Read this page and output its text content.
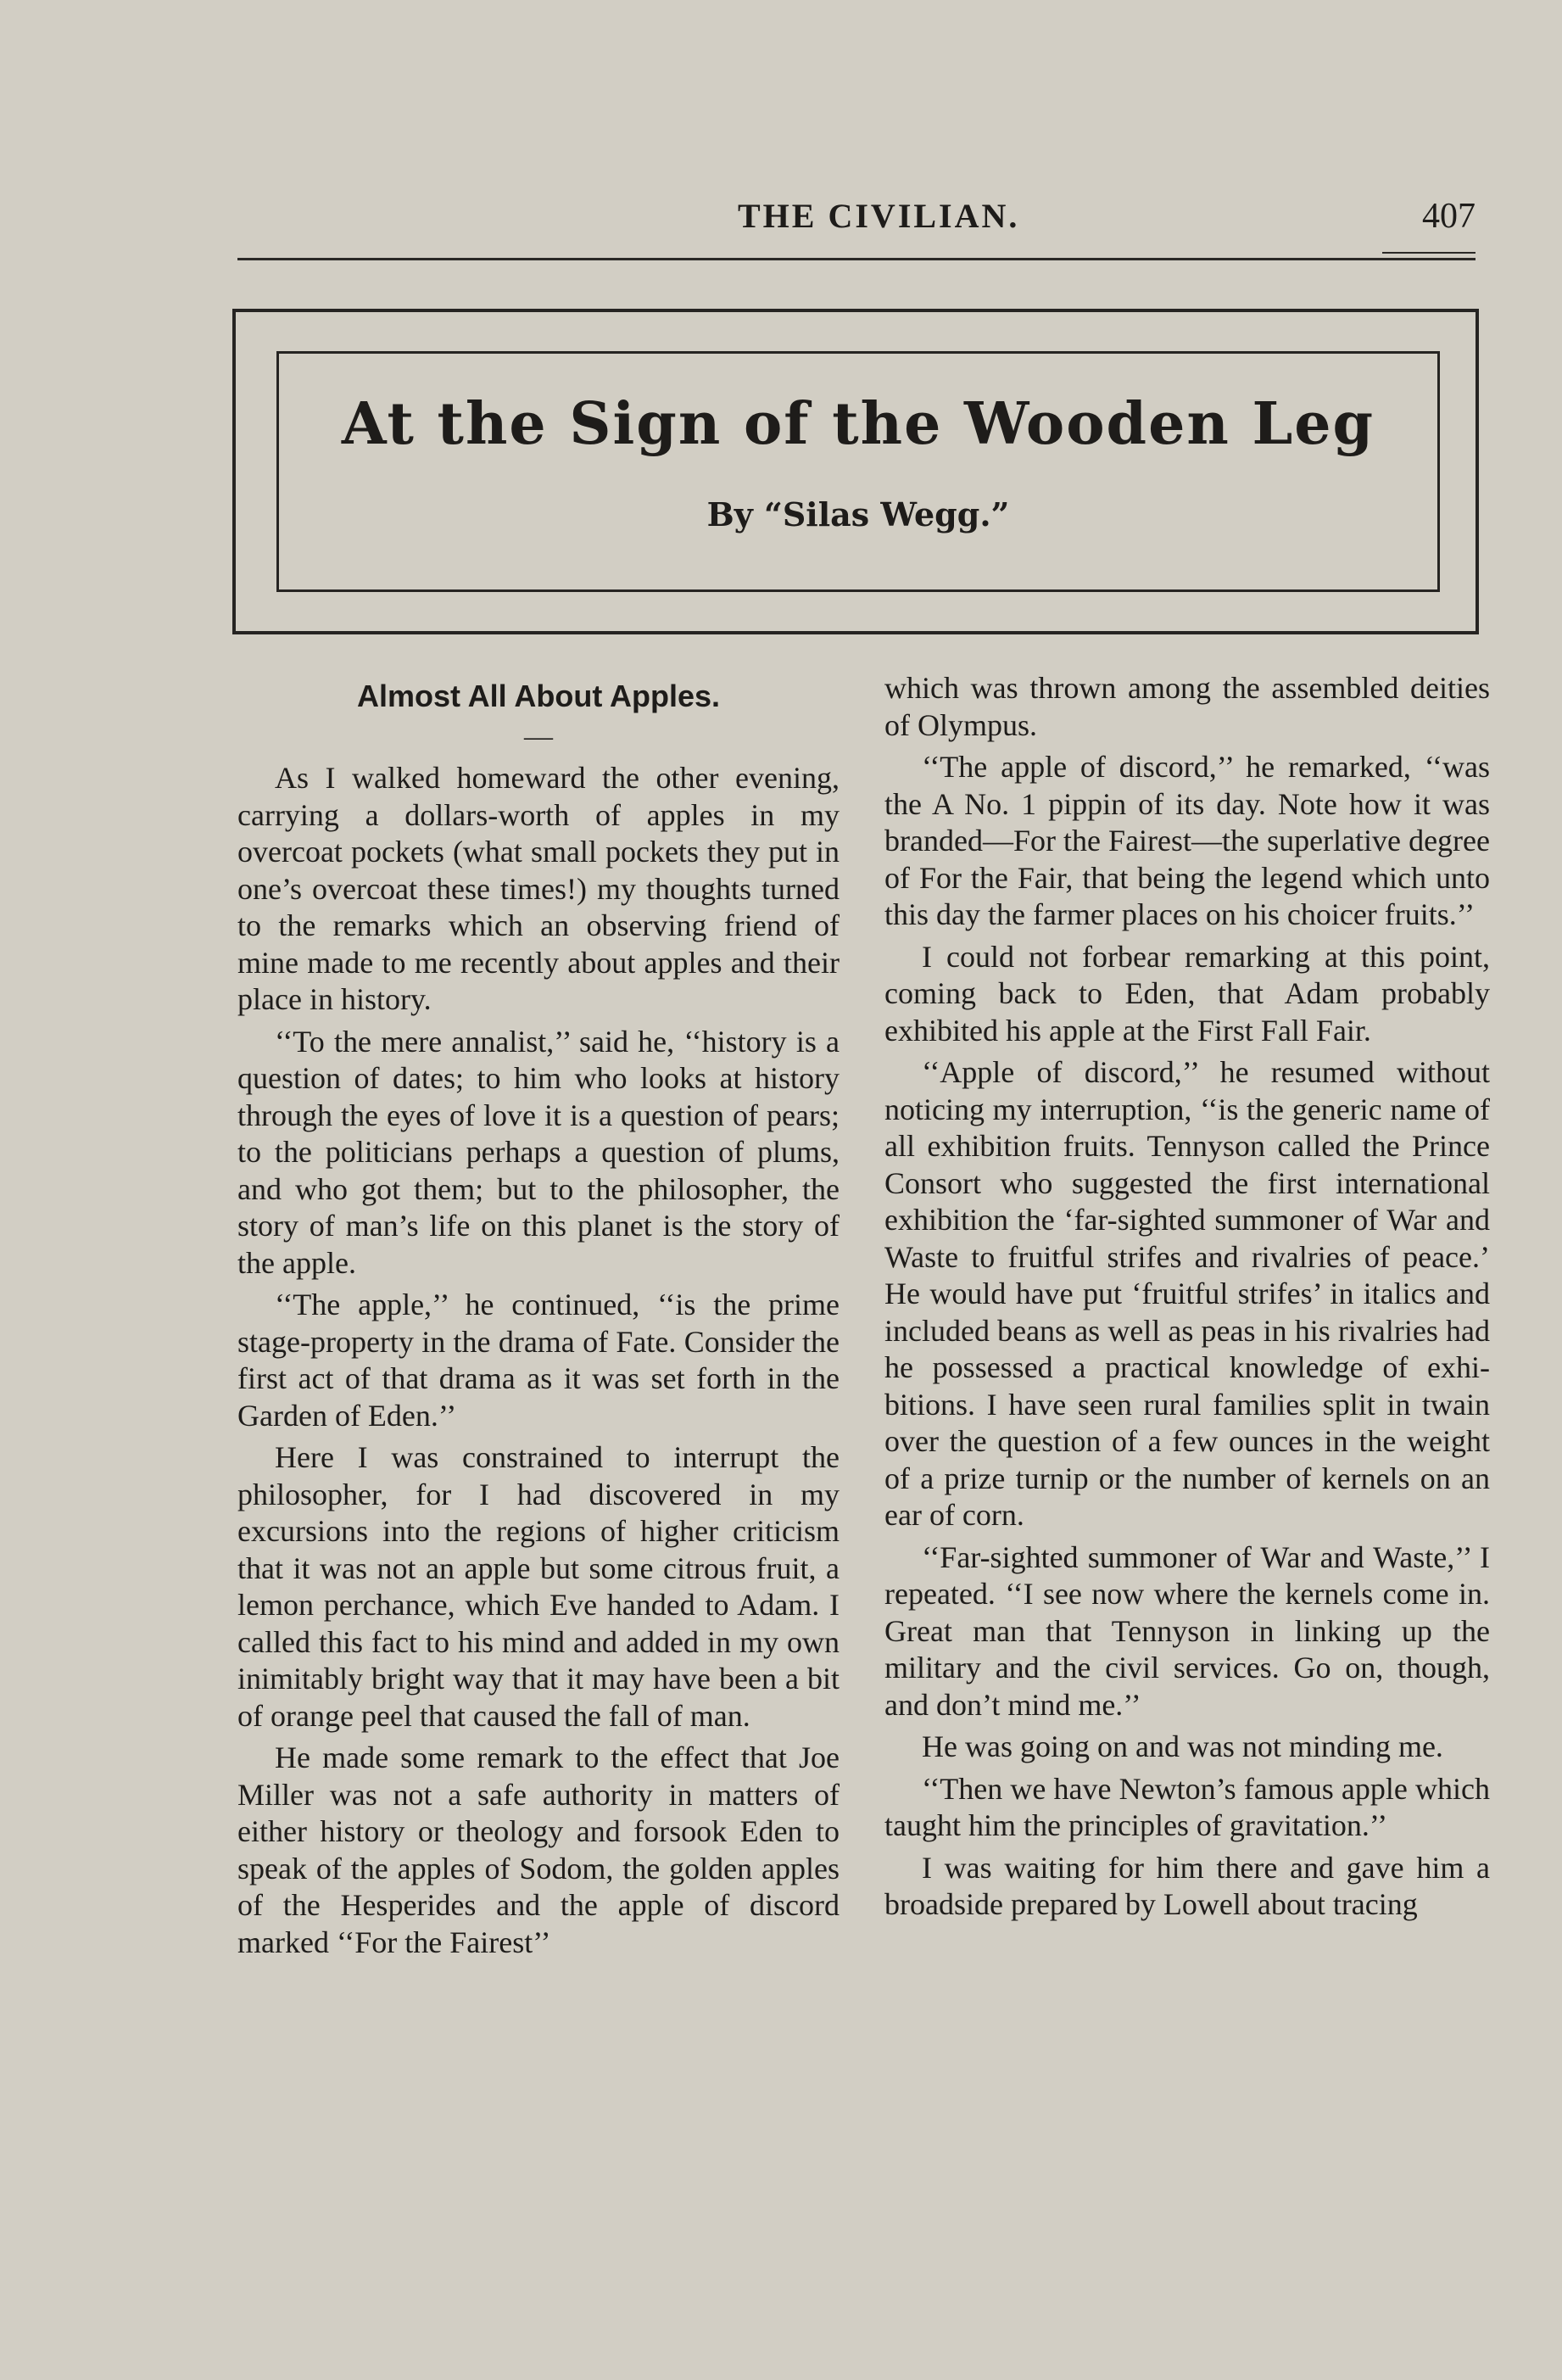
THE CIVILIAN.	407
At the Sign of the Wooden Leg
By “Silas Wegg.”
Almost All About Apples.
—

As I walked homeward the other evening, carrying a dollars-worth of apples in my overcoat pockets (what small pockets they put in one’s overcoat these times!) my thoughts turned to the remarks which an observing friend of mine made to me recently about apples and their place in history.

‘‘To the mere annalist,’’ said he, ‘‘history is a question of dates; to him who looks at history through the eyes of love it is a question of pears; to the politicians perhaps a question of plums, and who got them; but to the philosopher, the story of man’s life on this planet is the story of the apple.

‘‘The apple,’’ he continued, ‘‘is the prime stage-property in the drama of Fate. Consider the first act of that drama as it was set forth in the Garden of Eden.’’

Here I was constrained to interrupt the philosopher, for I had discovered in my excursions into the regions of higher criticism that it was not an apple but some citrous fruit, a lemon perchance, which Eve handed to Adam. I called this fact to his mind and added in my own inimitably bright way that it may have been a bit of orange peel that caused the fall of man.

He made some remark to the effect that Joe Miller was not a safe authority in matters of either history or theology and forsook Eden to speak of the apples of Sodom, the golden apples of the Hesperides and the apple of discord marked ‘‘For the Fairest’’

which was thrown among the assembled deities of Olympus.

‘‘The apple of discord,’’ he remarked, ‘‘was the A No. 1 pippin of its day. Note how it was branded—For the Fairest—the superlative degree of For the Fair, that being the legend which unto this day the farmer places on his choicer fruits.’’

I could not forbear remarking at this point, coming back to Eden, that Adam probably exhibited his apple at the First Fall Fair.

‘‘Apple of discord,’’ he resumed without noticing my interruption, ‘‘is the generic name of all exhibition fruits. Tennyson called the Prince Consort who suggested the first international exhibition the ‘far-sighted summoner of War and Waste to fruitful strifes and rivalries of peace.’ He would have put ‘fruitful strifes’ in italics and included beans as well as peas in his rivalries had he possessed a practical knowledge of exhibitions. I have seen rural families split in twain over the question of a few ounces in the weight of a prize turnip or the number of kernels on an ear of corn.

‘‘Far-sighted summoner of War and Waste,’’ I repeated. ‘‘I see now where the kernels come in. Great man that Tennyson in linking up the military and the civil services. Go on, though, and don’t mind me.’’

He was going on and was not minding me.

‘‘Then we have Newton’s famous apple which taught him the principles of gravitation.’’

I was waiting for him there and gave him a broadside prepared by Lowell about tracing
